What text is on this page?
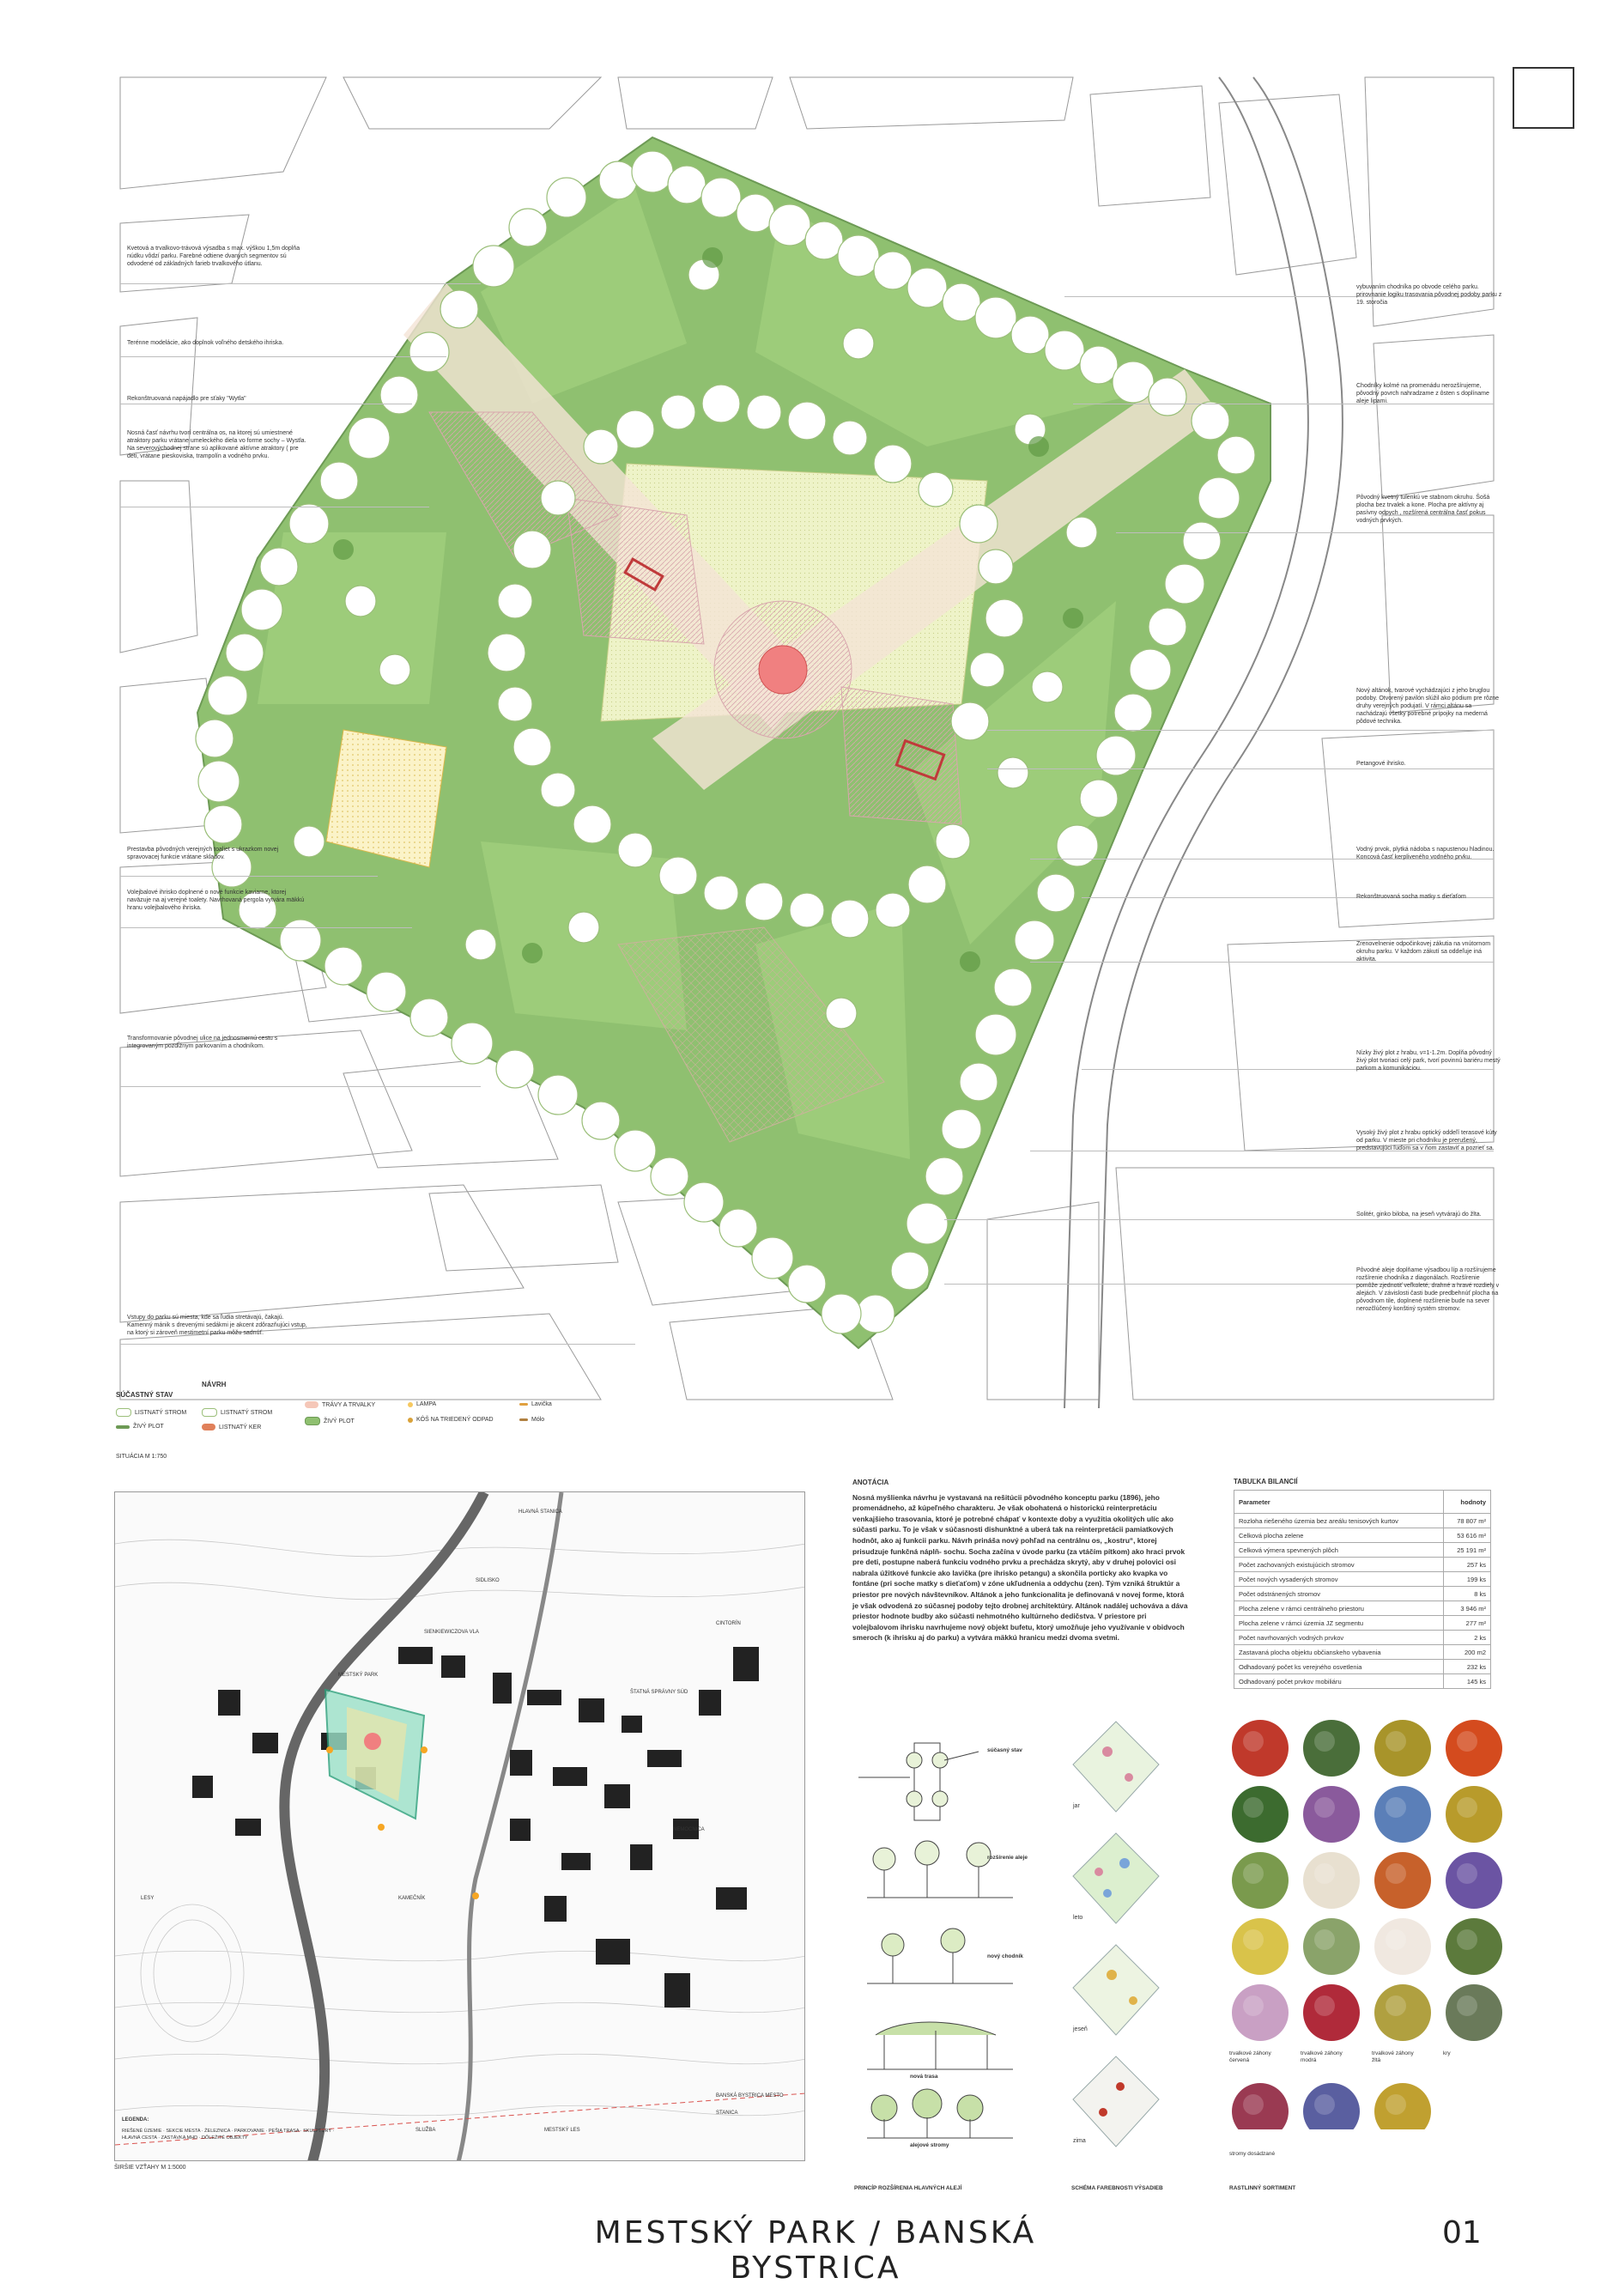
Kvetová a trvalkovo-trávová výsadba s max. výškou 1,5m doplňa núdku vôdzí parku. Farebné odtiene dvanych segmentov sú odvodené od základných farieb trvalkového útlanu.
Terénne modelácie, ako doplnok voľného detského ihriska.
Rekonštruovaná napájadlo pre sťaky "Wytla"
Nosná časť návrhu tvorí centrálna os, na ktorej sú umiestnené atraktory parku vrátane umeleckého diela vo forme sochy – Wystla. Na severovýchodnej strane sú aplikované aktívne atraktory ( pre deti, vrátane pieskoviska, trampolín a vodného prvku.
Prestavba pôvodných verejných toaliet s ukrazkom novej spravovacej funkcie vrátane skladov.
Volejbalové ihrisko doplnené o nové funkcie kaviarne, ktorej naväzuje na aj verejné toalety. Navrhovaná pergola vytvára mäkkú hranu volejbalového ihriska.
Transformovanie pôvodnej ulice na jednosmernú cestu s integrovaným pozdĺžnym parkovaním a chodníkom.
Vstupy do parku sú miesta, kde sa ľudia stretávajú, čakajú. Kamenný mánik s drevenými sedákmi je akcent zdôrazňujúci vstup, na ktorý si zároveň mestimetní parku môžu sadnúť.
vybuvaním chodníka po obvode celého parku. prirovnanie logiku trasovania pôvodnej podoby parku z 19. storočia
Chodníky kolmé na promenádu nerozšírujeme, pôvodný povrch nahradzame z ôsten s doplíname aleje lipami.
Pôvodný kvetný tulenkú ve stabnom okruhu. Šošá plocha bez trvalek a kone. Plocha pre aktívny aj pasívny odpych , rozšírená centrálna časť pokus vodných prvkých.
Nový altánok, tvarové vychádzajúci z jeho bruglou podoby. Otvorený pavilón slúžil ako pódium pre rôzne druhy verejných podujatí. V rámci altánu sa nachádzajú všetky potrebné prípojky na mederná pôdové technika.
Petangové ihrisko.
Vodný prvok, plytká nádoba s napustenou hladinou. Koncová časť kerpliveného vodného prvku.
Rekonštruovaná socha matky s dieťaťom
Zrenovelnenie odpočinkovej zákutia na vnútornom okruhu parku. V každom zákutí sa oddeľuje iná aktivita.
Nízky živý plot z hrabu, v=1-1.2m. Doplňa pôvodný živý plot tvoriaci celý park, tvorí povinnú bariéru mestý parkom a komunikáciou.
Vysoký živý plot z hrabu optický oddeľí terasové kúty od parku. V mieste pri chodníku je prerušený, predstavujúci ľuďom sa v ňom zastaviť a pozrieť sa.
Solitér, ginko biloba, na jeseň vytvárajú do žlta.
Pôvodné aleje doplňame výsadbou líp a rozšírujeme rozšírenie chodníka z diagonálach. Rozšírenie pomôže zjednotiť veľkoleté, drahné a hravé rozdiely v alejách. V závislosti časti bude predbehnúť plocha na pôvodnom tile, doplnené rozšírenie bude na sever nerozčlúčený konštiný systém stromov.
SÚČASTNÝ STAV
NÁVRH
LISTNATÝ STROM
ŽIVÝ PLOT
LISTNATÝ STROM
LISTNATÝ KER
TRÁVY A TRVALKY
ŽIVÝ PLOT
LAMPA
KÔŠ NA TRIEDENÝ ODPAD
Lavička
Mólo
SITUÁCIA M 1:750
SIENKIEWICZOVA VLA
ŠTATNÁ SPRÁVNY SÚD
HLAVNÁ STANICA
LESY
SIDLISKO
NEMOCNICA
CINTORÍN
KAMEČNÍK
MESTSKÝ PARK
STANICA
BANSKÁ BYSTRICA MESTO
SLUŽBA	MESTSKÝ LES
LEGENDA:
RIEŠENÉ ÚZEMIE · SEKCIE MESTA · ŽELEZNICA · PARKOVANIE · PEŠIA TRASA · SKULPTÚRY · HLAVNÁ CESTA · ZASTÁVKA MHD · DÔLEŽITÉ OBJEKTY
ŠIRŠIE VZŤAHY M 1:5000
ANOTÁCIA

Nosná myšlienka návrhu je vystavaná na rešitúcii pôvodného konceptu parku (1896), jeho promenádneho, až kúpeľného charakteru. Je však obohatená o historickú reinterpretáciu venkajšieho trasovania, ktoré je potrebné chápať v kontexte doby a využitia okolitých ulíc ako súčasti parku. To je však v súčasnosti dishunktné a uberá tak na reinterpretácii pamiatkových hodnôt, ako aj funkcii parku. Návrh prináša nový pohľad na centrálnu os, „kostru“, ktorej prisudzuje funkčná náplň- sochu. Socha začína v úvode parku (za vtáčím pítkom) ako hraci prvok pre deti, postupne naberá funkciu vodného prvku a prechádza skrytý, aby v druhej polovici osi nabrala úžitkové funkcie ako lavička (pre ihrisko petangu) a skončila porticky ako kvapka vo fontáne (pri soche matky s dieťaťom) v zóne ukľudnenia a oddychu (zen). Tým vzniká štruktúr a priestor pre nových návštevníkov. Altánok a jeho funkcionalita je definovaná v novej forme, ktorá je však odvodená zo súčasnej podoby tejto drobnej architektúry. Altánok nadálej uchováva a dáva priestor hodnote budby ako súčasti nehmotného kultúrneho dedičstva. V priestore pri volejbalovom ihrisku navrhujeme nový objekt bufetu, ktorý umožňuje jeho využívanie v obidvoch smeroch (k ihrisku aj do parku) a vytvára mäkkú hranicu medzi dvoma svetmi.

TABUĽKA BILANCIÍ
Parameter	hodnoty
Rozloha riešeného územia bez areálu tenisových kurtov	78 807 m²
Celková plocha zelene	53 616 m²
Celková výmera spevnených plôch	25 191 m²
Počet zachovaných existujúcich stromov	257 ks
Počet nových vysadených stromov	199 ks
Počet odstránených stromov	8 ks
Plocha zelene v rámci centrálneho priestoru	3 946 m²
Plocha zelene v rámci územia JZ segmentu	277 m²
Počet navrhovaných vodných prvkov	2 ks
Zastavaná plocha objektu občianskeho vybavenia	200 m2
Odhadovaný počet ks verejného osvetlenia	232 ks
Odhadovaný počet prvkov mobiliáru	145 ks
súčasný stav
rozšírenie aleje
nový chodník
nová trasa
alejové stromy
PRINCÍP ROZŠÍRENIA HLAVNÝCH ALEJÍ
jar
leto
jeseň
zima
SCHÉMA FAREBNOSTI VÝSADIEB
trvalkové záhony červená
trvalkové záhony modrá
trvalkové záhony žltá
kry
stromy dosádzané
RASTLINNÝ SORTIMENT
MESTSKÝ PARK / BANSKÁ BYSTRICA
01
